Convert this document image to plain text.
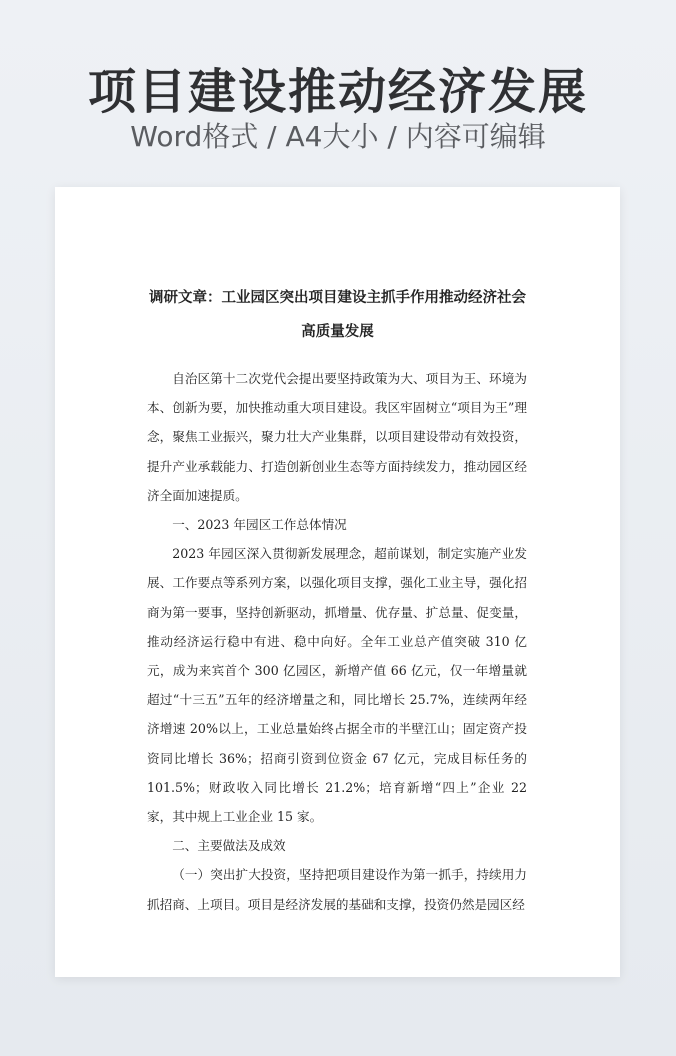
项目建设推动经济发展
Word格式 / A4大小 / 内容可编辑
调研文章：工业园区突出项目建设主抓手作用推动经济社会
高质量发展

自治区第十二次党代会提出要坚持政策为大、项目为王、环境为本、创新为要，加快推动重大项目建设。我区牢固树立“项目为王”理念，聚焦工业振兴，聚力壮大产业集群，以项目建设带动有效投资，提升产业承载能力、打造创新创业生态等方面持续发力，推动园区经济全面加速提质。

一、2023 年园区工作总体情况

2023 年园区深入贯彻新发展理念，超前谋划，制定实施产业发展、工作要点等系列方案，以强化项目支撑，强化工业主导，强化招商为第一要事，坚持创新驱动，抓增量、优存量、扩总量、促变量，推动经济运行稳中有进、稳中向好。全年工业总产值突破 310 亿元，成为来宾首个 300 亿园区，新增产值 66 亿元，仅一年增量就超过“十三五”五年的经济增量之和，同比增长 25.7%，连续两年经济增速 20%以上，工业总量始终占据全市的半壁江山；固定资产投资同比增长 36%；招商引资到位资金 67 亿元，完成目标任务的 101.5%；财政收入同比增长 21.2%；培育新增“四上”企业 22 家，其中规上工业企业 15 家。

二、主要做法及成效

（一）突出扩大投资，坚持把项目建设作为第一抓手，持续用力抓招商、上项目。项目是经济发展的基础和支撑，投资仍然是园区经
